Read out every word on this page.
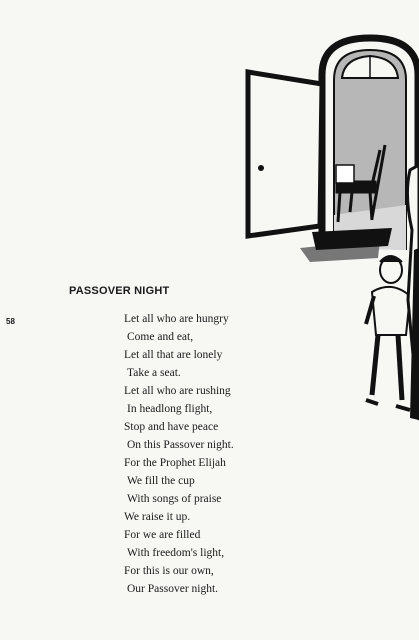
58
PASSOVER NIGHT
Let all who are hungry
Come and eat,
Let all that are lonely
Take a seat.
Let all who are rushing
In headlong flight,
Stop and have peace
On this Passover night.
For the Prophet Elijah
We fill the cup
With songs of praise
We raise it up.
For we are filled
With freedom's light,
For this is our own,
Our Passover night.
